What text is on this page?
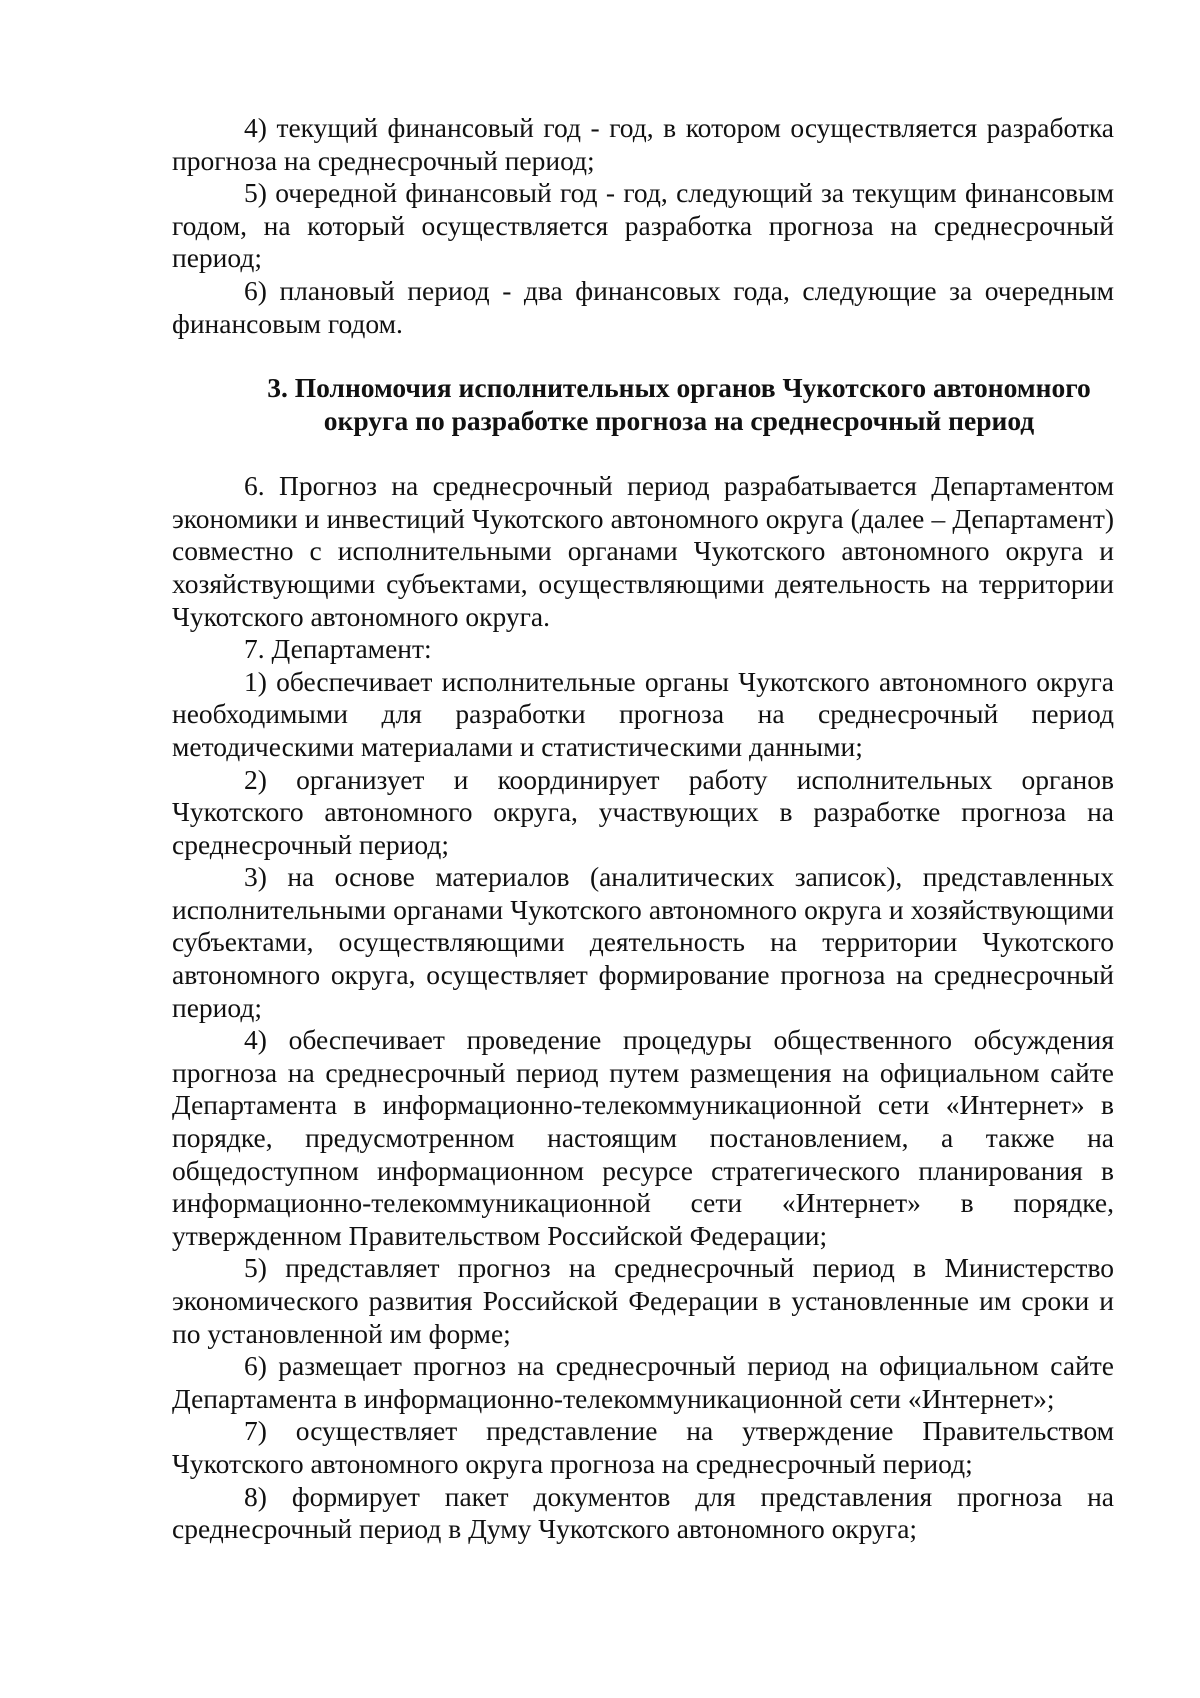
4) текущий финансовый год - год, в котором осуществляется разработка прогноза на среднесрочный период;

5) очередной финансовый год - год, следующий за текущим финансовым годом, на который осуществляется разработка прогноза на среднесрочный период;

6) плановый период - два финансовых года, следующие за очередным финансовым годом.

3. Полномочия исполнительных органов Чукотского автономного
округа по разработке прогноза на среднесрочный период

6. Прогноз на среднесрочный период разрабатывается Департаментом экономики и инвестиций Чукотского автономного округа (далее – Департамент) совместно с исполнительными органами Чукотского автономного округа и хозяйствующими субъектами, осуществляющими деятельность на территории Чукотского автономного округа.

7. Департамент:

1) обеспечивает исполнительные органы Чукотского автономного округа необходимыми для разработки прогноза на среднесрочный период методическими материалами и статистическими данными;

2) организует и координирует работу исполнительных органов Чукотского автономного округа, участвующих в разработке прогноза на среднесрочный период;

3) на основе материалов (аналитических записок), представленных исполнительными органами Чукотского автономного округа и хозяйствующими субъектами, осуществляющими деятельность на территории Чукотского автономного округа, осуществляет формирование прогноза на среднесрочный период;

4) обеспечивает проведение процедуры общественного обсуждения прогноза на среднесрочный период путем размещения на официальном сайте Департамента в информационно-телекоммуникационной сети «Интернет» в порядке, предусмотренном настоящим постановлением, а также на общедоступном информационном ресурсе стратегического планирования в информационно-телекоммуникационной сети «Интернет» в порядке, утвержденном Правительством Российской Федерации;

5) представляет прогноз на среднесрочный период в Министерство экономического развития Российской Федерации в установленные им сроки и по установленной им форме;

6) размещает прогноз на среднесрочный период на официальном сайте Департамента в информационно-телекоммуникационной сети «Интернет»;

7) осуществляет представление на утверждение Правительством Чукотского автономного округа прогноза на среднесрочный период;

8) формирует пакет документов для представления прогноза на среднесрочный период в Думу Чукотского автономного округа;
